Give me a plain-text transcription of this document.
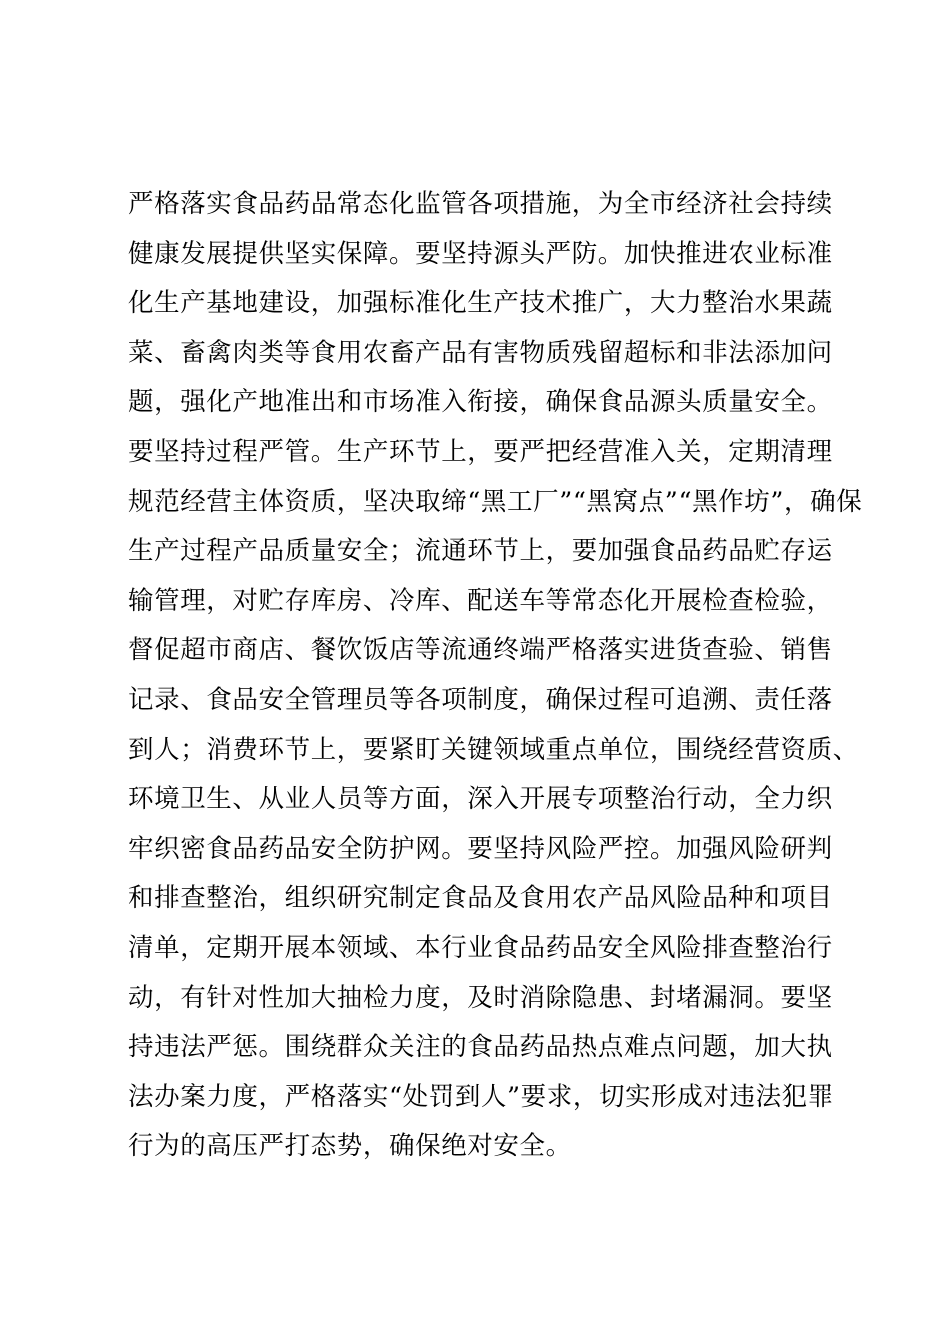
严格落实食品药品常态化监管各项措施，为全市经济社会持续
健康发展提供坚实保障。要坚持源头严防。加快推进农业标准
化生产基地建设，加强标准化生产技术推广，大力整治水果蔬
菜、畜禽肉类等食用农畜产品有害物质残留超标和非法添加问
题，强化产地准出和市场准入衔接，确保食品源头质量安全。
要坚持过程严管。生产环节上，要严把经营准入关，定期清理
规范经营主体资质，坚决取缔“黑工厂”“黑窝点”“黑作坊”，确保
生产过程产品质量安全；流通环节上，要加强食品药品贮存运
输管理，对贮存库房、冷库、配送车等常态化开展检查检验，
督促超市商店、餐饮饭店等流通终端严格落实进货查验、销售
记录、食品安全管理员等各项制度，确保过程可追溯、责任落
到人；消费环节上，要紧盯关键领域重点单位，围绕经营资质、
环境卫生、从业人员等方面，深入开展专项整治行动，全力织
牢织密食品药品安全防护网。要坚持风险严控。加强风险研判
和排查整治，组织研究制定食品及食用农产品风险品种和项目
清单，定期开展本领域、本行业食品药品安全风险排查整治行
动，有针对性加大抽检力度，及时消除隐患、封堵漏洞。要坚
持违法严惩。围绕群众关注的食品药品热点难点问题，加大执
法办案力度，严格落实“处罚到人”要求，切实形成对违法犯罪
行为的高压严打态势，确保绝对安全。
